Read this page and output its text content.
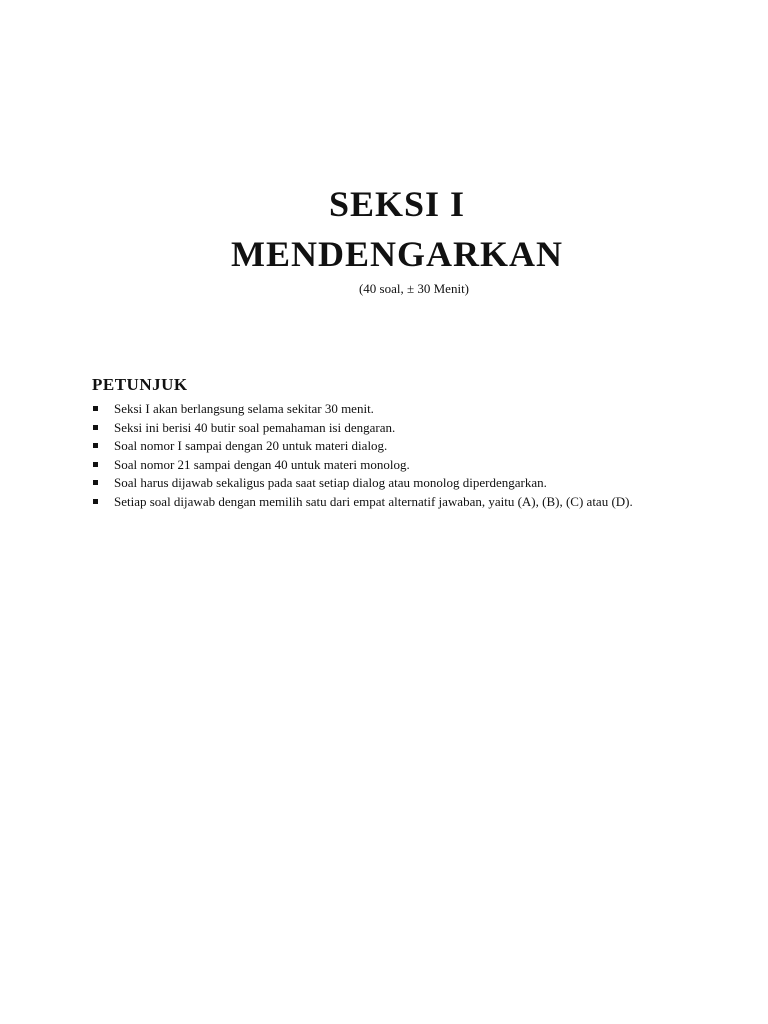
SEKSI I
MENDENGARKAN
(40 soal, ± 30 Menit)
PETUNJUK
Seksi I akan berlangsung selama sekitar 30 menit.
Seksi ini berisi 40 butir soal pemahaman isi dengaran.
Soal nomor I sampai dengan 20 untuk materi dialog.
Soal nomor 21 sampai dengan 40 untuk materi monolog.
Soal harus dijawab sekaligus pada saat setiap dialog atau monolog diperdengarkan.
Setiap soal dijawab dengan memilih satu dari empat alternatif jawaban, yaitu (A), (B), (C) atau (D).
